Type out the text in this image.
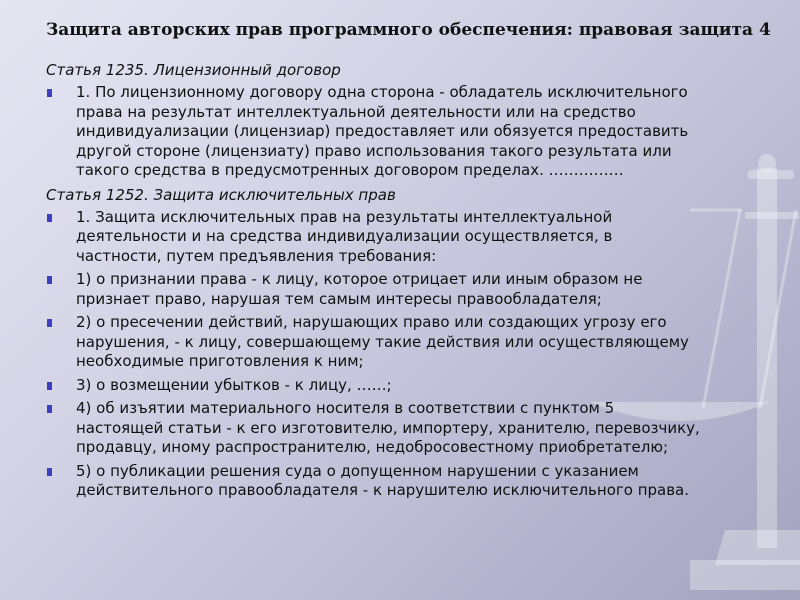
Защита авторских прав программного обеспечения: правовая защита 4
Статья 1235. Лицензионный договор
1. По лицензионному договору одна сторона - обладатель исключительного
права на результат интеллектуальной деятельности или на средство
индивидуализации (лицензиар) предоставляет или обязуется предоставить
другой стороне (лицензиату) право использования такого результата или
такого средства в предусмотренных договором пределах. ……………
Статья 1252. Защита исключительных прав
1. Защита исключительных прав на результаты интеллектуальной
деятельности и на средства индивидуализации осуществляется, в
частности, путем предъявления требования:
1) о признании права - к лицу, которое отрицает или иным образом не
признает право, нарушая тем самым интересы правообладателя;
2) о пресечении действий, нарушающих право или создающих угрозу его
нарушения, - к лицу, совершающему такие действия или осуществляющему
необходимые приготовления к ним;
3) о возмещении убытков - к лицу, ……;
4) об изъятии материального носителя в соответствии с пунктом 5
настоящей статьи - к его изготовителю, импортеру, хранителю, перевозчику,
продавцу, иному распространителю, недобросовестному приобретателю;
5) о публикации решения суда о допущенном нарушении с указанием
действительного правообладателя - к нарушителю исключительного права.
